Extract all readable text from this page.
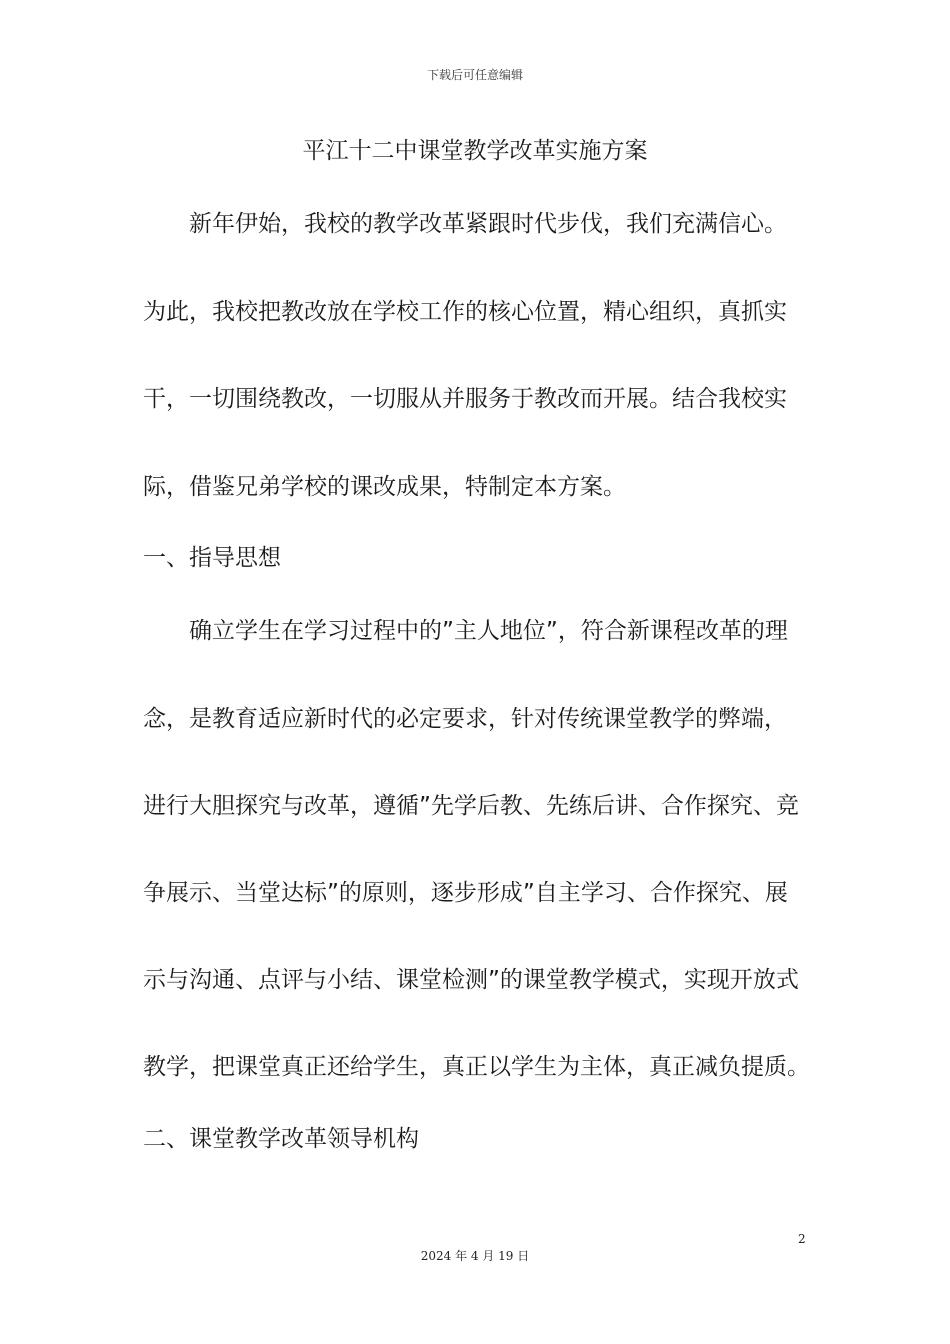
下载后可任意编辑
平江十二中课堂教学改革实施方案
新年伊始，我校的教学改革紧跟时代步伐，我们充满信心。
为此，我校把教改放在学校工作的核心位置，精心组织，真抓实
干，一切围绕教改，一切服从并服务于教改而开展。结合我校实
际，借鉴兄弟学校的课改成果，特制定本方案。
一、指导思想
确立学生在学习过程中的”主人地位”，符合新课程改革的理
念，是教育适应新时代的必定要求，针对传统课堂教学的弊端，
进行大胆探究与改革，遵循”先学后教、先练后讲、合作探究、竞
争展示、当堂达标”的原则，逐步形成”自主学习、合作探究、展
示与沟通、点评与小结、课堂检测”的课堂教学模式，实现开放式
教学，把课堂真正还给学生，真正以学生为主体，真正减负提质。
二、课堂教学改革领导机构
2
2024 年 4 月 19 日
